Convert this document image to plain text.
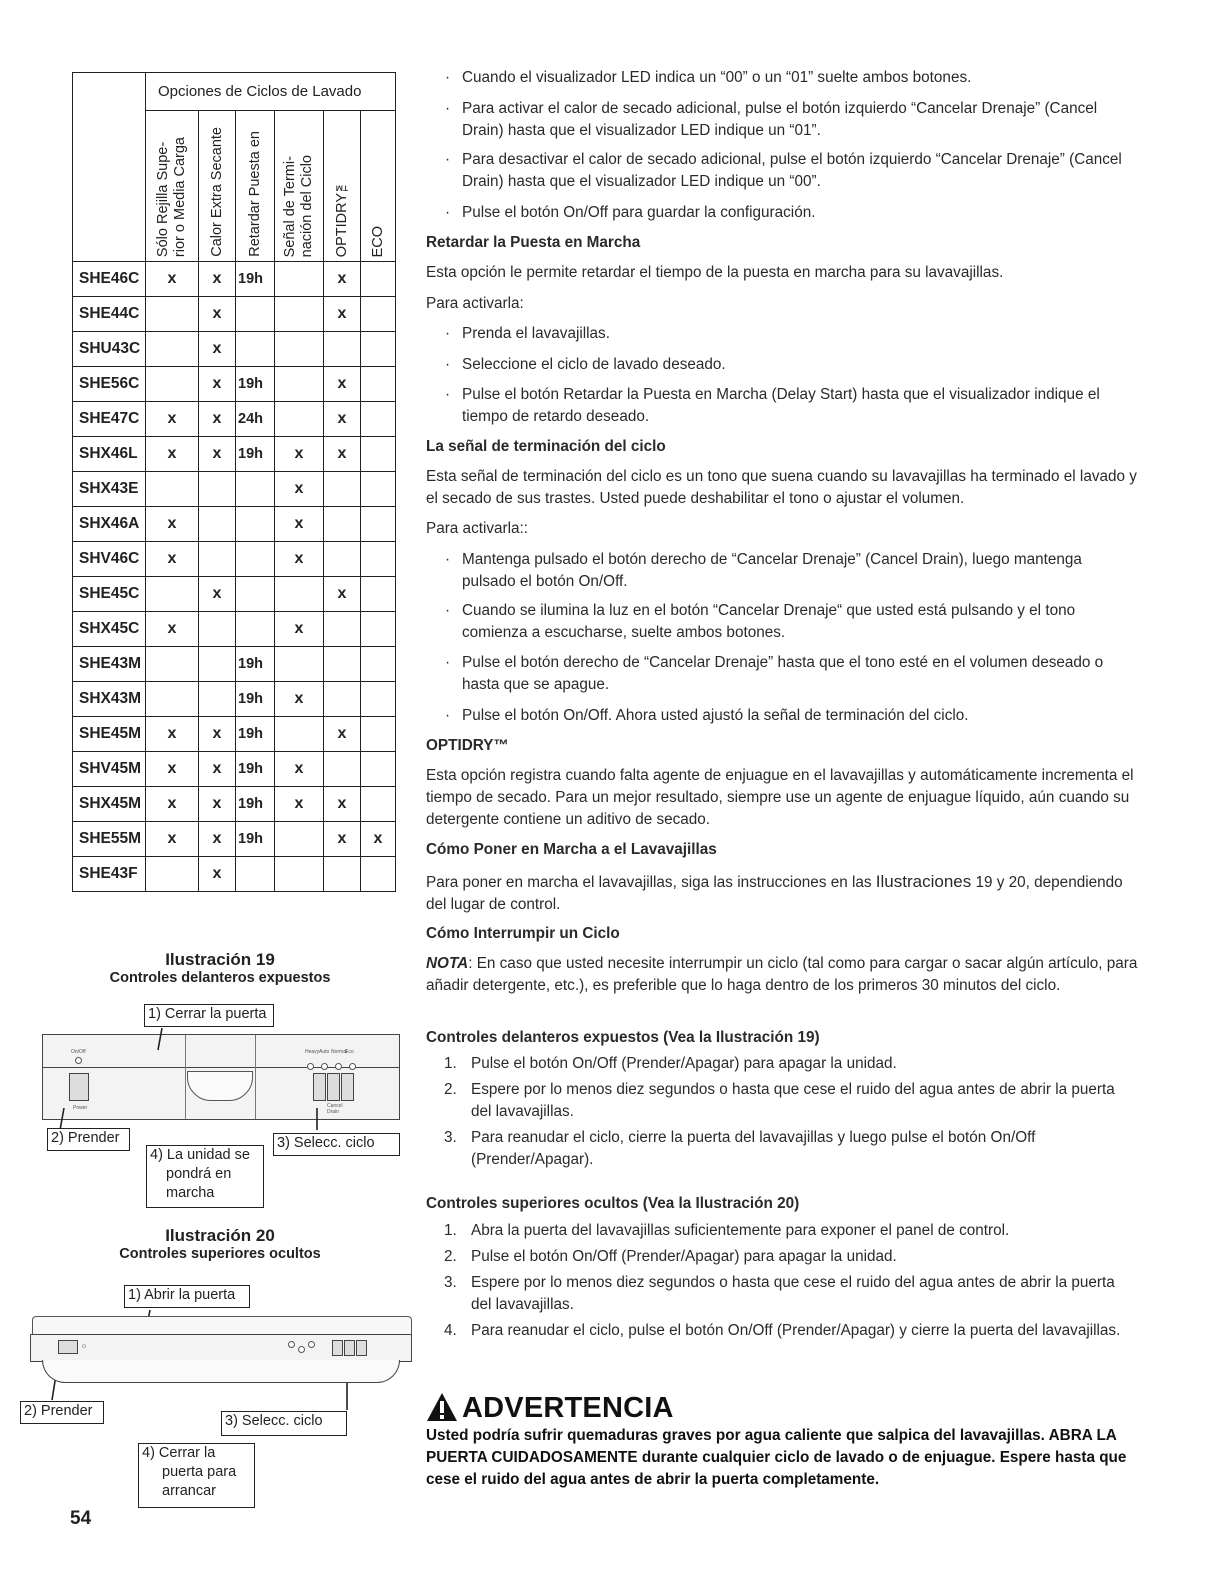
	Opciones de Ciclos de Lavado					

	Sólo Rejilla Supe-
rior o Media Carga	Calor Extra Secante	Retardar Puesta en	Señal de Termi-
nación del Ciclo	OPTIDRY™	ECO

SHE46C	x	x	19h		x	
SHE44C		x			x	
SHU43C		x				
SHE56C		x	19h		x	
SHE47C	x	x	24h		x	
SHX46L	x	x	19h	x	x	
SHX43E				x		
SHX46A	x			x		
SHV46C	x			x		
SHE45C		x			x	
SHX45C	x			x		
SHE43M			19h			
SHX43M			19h	x		
SHE45M	x	x	19h		x	
SHV45M	x	x	19h	x		
SHX45M	x	x	19h	x	x	
SHE55M	x	x	19h		x	x
SHE43F		x				
Ilustración 19
Controles delanteros expuestos
On/Off
Power
Heavy Auto Normal
Eco
Cancel
Drain
1) Cerrar la puerta
2) Prender	3) Selecc. ciclo
4) La unidad se
pondrá en
marcha
Ilustración 20
Controles superiores ocultos
⏻
1) Abrir la puerta
2) Prender
3) Selecc. ciclo
4) Cerrar la
puerta para
arrancar
54
· Cuando el visualizador LED indica un “00” o un “01” suelte ambos botones.
· Para activar el calor de secado adicional, pulse el botón izquierdo “Cancelar Drenaje” (Cancel Drain) hasta que el visualizador LED indique un “01”.
· Para desactivar el calor de secado adicional, pulse el botón izquierdo “Cancelar Drenaje” (Cancel Drain) hasta que el visualizador LED indique un “00”.
· Pulse el botón On/Off para guardar la configuración.
Retardar la Puesta en Marcha
Esta opción le permite retardar el tiempo de la puesta en marcha para su lavavajillas.
Para activarla:
· Prenda el lavavajillas.
· Seleccione el ciclo de lavado deseado.
· Pulse el botón Retardar la Puesta en Marcha (Delay Start) hasta que el visualizador indique el tiempo de retardo deseado.
La señal de terminación del ciclo
Esta señal de terminación del ciclo es un tono que suena cuando su lavavajillas ha terminado el lavado y el secado de sus trastes. Usted puede deshabilitar el tono o ajustar el volumen.
Para activarla::
· Mantenga pulsado el botón derecho de “Cancelar Drenaje” (Cancel Drain), luego mantenga pulsado el botón On/Off.
· Cuando se ilumina la luz en el botón “Cancelar Drenaje“ que usted está pulsando y el tono comienza a escucharse, suelte ambos botones.
· Pulse el botón derecho de “Cancelar Drenaje” hasta que el tono esté en el volumen deseado o hasta que se apague.
· Pulse el botón On/Off. Ahora usted ajustó la señal de terminación del ciclo.
OPTIDRY™
Esta opción registra cuando falta agente de enjuague en el lavavajillas y automáticamente incrementa el tiempo de secado. Para un mejor resultado, siempre use un agente de enjuague líquido, aún cuando su detergente contiene un aditivo de secado.
Cómo Poner en Marcha a el Lavavajillas
Para poner en marcha el lavavajillas, siga las instrucciones en las Ilustraciones 19 y 20, dependiendo del lugar de control.
Cómo Interrumpir un Ciclo
NOTA: En caso que usted necesite interrumpir un ciclo (tal como para cargar o sacar algún artículo, para añadir detergente, etc.), es preferible que lo haga dentro de los primeros 30 minutos del ciclo.
Controles delanteros expuestos (Vea la Ilustración 19)
1. Pulse el botón On/Off (Prender/Apagar) para apagar la unidad.
2. Espere por lo menos diez segundos o hasta que cese el ruido del agua antes de abrir la puerta del lavavajillas.
3. Para reanudar el ciclo, cierre la puerta del lavavajillas y luego pulse el botón On/Off (Prender/Apagar).
Controles superiores ocultos (Vea la Ilustración 20)
1. Abra la puerta del lavavajillas suficientemente para exponer el panel de control.
2. Pulse el botón On/Off (Prender/Apagar) para apagar la unidad.
3. Espere por lo menos diez segundos o hasta que cese el ruido del agua antes de abrir la puerta del lavavajillas.
4. Para reanudar el ciclo, pulse el botón On/Off (Prender/Apagar) y cierre la puerta del lavavajillas.
ADVERTENCIA
Usted podría sufrir quemaduras graves por agua caliente que salpica del lavavajillas. ABRA LA PUERTA CUIDADOSAMENTE durante cualquier ciclo de lavado o de enjuague. Espere hasta que cese el ruido del agua antes de abrir la puerta completamente.
